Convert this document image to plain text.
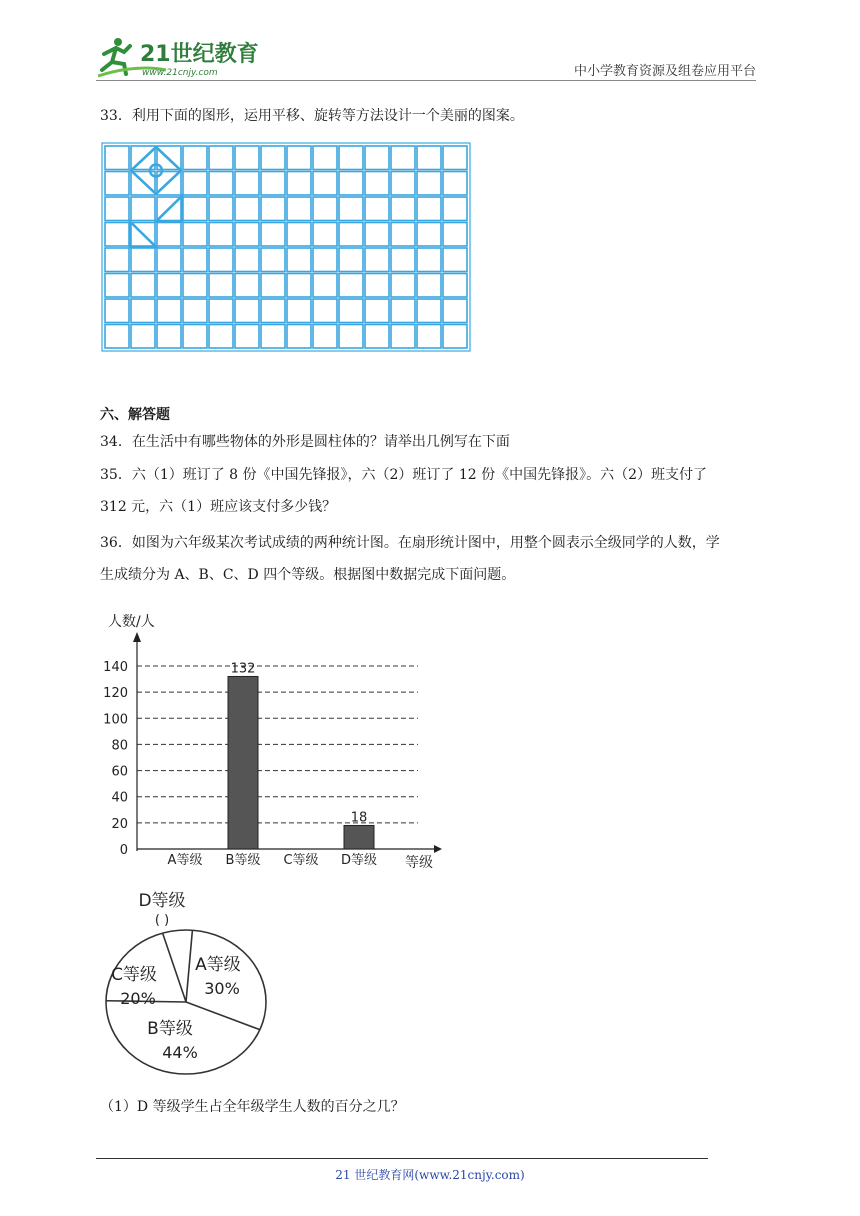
21世纪教育
www.21cnjy.com	中小学教育资源及组卷应用平台
33．利用下面的图形，运用平移、旋转等方法设计一个美丽的图案。
六、解答题
34．在生活中有哪些物体的外形是圆柱体的？请举出几例写在下面
35．六（1）班订了 8 份《中国先锋报》，六（2）班订了 12 份《中国先锋报》。六（2）班支付了
312 元，六（1）班应该支付多少钱？
36．如图为六年级某次考试成绩的两种统计图。在扇形统计图中，用整个圆表示全级同学的人数，学
生成绩分为 A、B、C、D 四个等级。根据图中数据完成下面问题。
0
20
40
60
80
100
120
140
人数/人
等级
A等级
132
B等级 C等级
18
D等级
A等级
30%
B等级
44%
C等级
20%
D等级
( )
（1）D 等级学生占全年级学生人数的百分之几？
21 世纪教育网(www.21cnjy.com)
